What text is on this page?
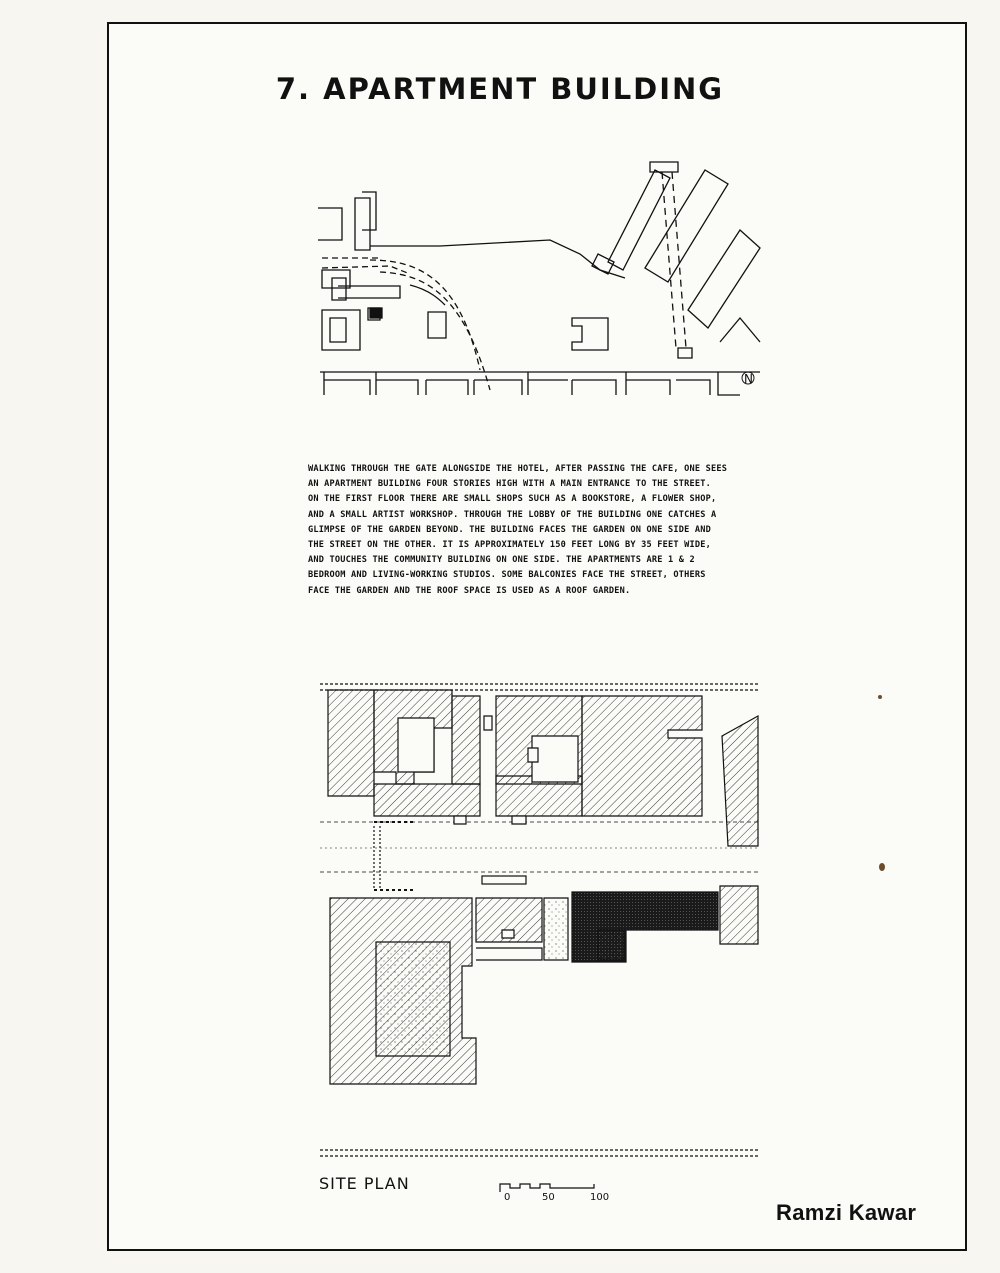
7. APARTMENT BUILDING
N
WALKING THROUGH THE GATE ALONGSIDE THE HOTEL, AFTER PASSING THE CAFE, ONE SEES
AN APARTMENT BUILDING FOUR STORIES HIGH WITH A MAIN ENTRANCE TO THE STREET.
ON THE FIRST FLOOR THERE ARE SMALL SHOPS SUCH AS A BOOKSTORE, A FLOWER SHOP,
AND A SMALL ARTIST WORKSHOP. THROUGH THE LOBBY OF THE BUILDING ONE CATCHES A
GLIMPSE OF THE GARDEN BEYOND. THE BUILDING FACES THE GARDEN ON ONE SIDE AND
THE STREET ON THE OTHER. IT IS APPROXIMATELY 150 FEET LONG BY 35 FEET WIDE,
AND TOUCHES THE COMMUNITY BUILDING ON ONE SIDE. THE APARTMENTS ARE 1 & 2
BEDROOM AND LIVING-WORKING STUDIOS. SOME BALCONIES FACE THE STREET, OTHERS
FACE THE GARDEN AND THE ROOF SPACE IS USED AS A ROOF GARDEN.
SITE PLAN
0	50	100
Ramzi Kawar
